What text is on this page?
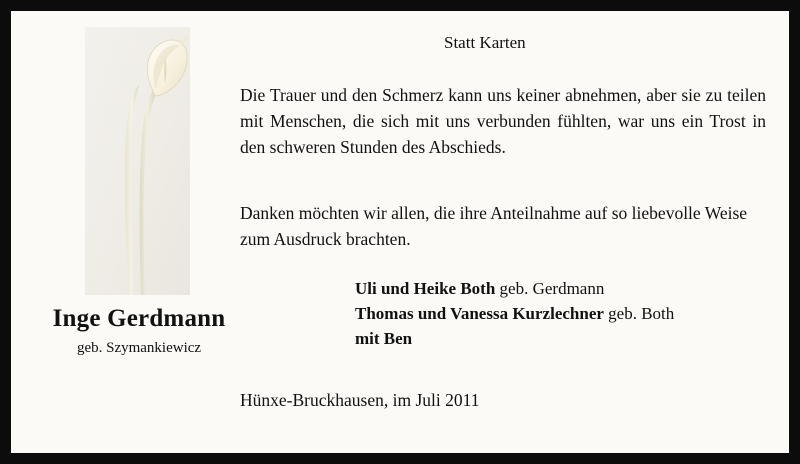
Inge Gerdmann
geb. Szymankiewicz
Statt Karten
Die Trauer und den Schmerz kann uns keiner abnehmen, aber sie zu teilen mit Menschen, die sich mit uns verbunden fühlten, war uns ein Trost in den schweren Stunden des Abschieds.
Danken möchten wir allen, die ihre Anteilnahme auf so liebevolle Weise zum Ausdruck brachten.
Uli und Heike Both geb. Gerdmann
Thomas und Vanessa Kurzlechner geb. Both
mit Ben
Hünxe-Bruckhausen, im Juli 2011
